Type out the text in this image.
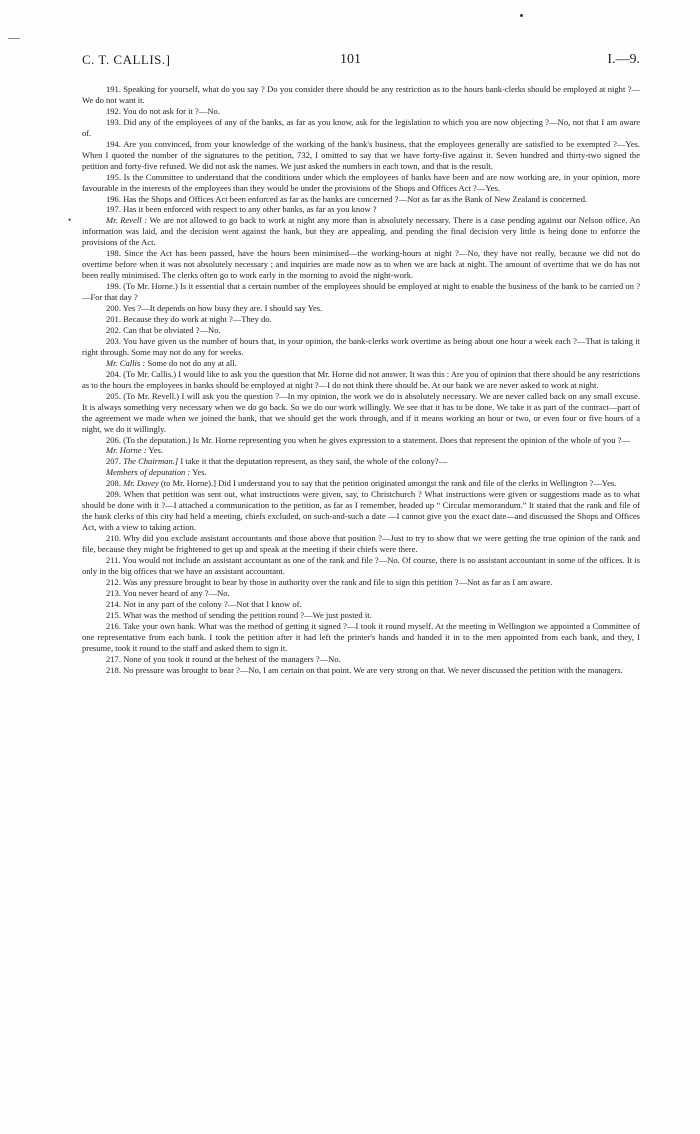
•
C. T. CALLIS.]	101	I.—9.

191. Speaking for yourself, what do you say ? Do you consider there should be any restriction as to the hours bank-clerks should be employed at night ?—We do not want it.

192. You do not ask for it ?—No.

193. Did any of the employees of any of the banks, as far as you know, ask for the legislation to which you are now objecting ?—No, not that I am aware of.

194. Are you convinced, from your knowledge of the working of the bank's business, that the employees generally are satisfied to be exempted ?—Yes. When I quoted the number of the signatures to the petition, 732, I omitted to say that we have forty-five against it. Seven hundred and thirty-two signed the petition and forty-five refused. We did not ask the names. We just asked the numbers in each town, and that is the result.

195. Is the Committee to understand that the conditions under which the employees of banks have been and are now working are, in your opinion, more favourable in the interests of the employees than they would be under the provisions of the Shops and Offices Act ?—Yes.

196. Has the Shops and Offices Act been enforced as far as the banks are concerned ?—Not as far as the Bank of New Zealand is concerned.

197. Has it been enforced with respect to any other banks, as far as you know ?

Mr. Revell : We are not allowed to go back to work at night any more than is absolutely necessary. There is a case pending against our Nelson office. An information was laid, and the decision went against the bank, but they are appealing, and pending the final decision very little is being done to enforce the provisions of the Act.

198. Since the Act has been passed, have the hours been minimised—the working-hours at night ?—No, they have not really, because we did not do overtime before when it was not absolutely necessary ; and inquiries are made now as to when we are back at night. The amount of overtime that we do has not been really minimised. The clerks often go to work early in the morning to avoid the night-work.

199. (To Mr. Horne.) Is it essential that a certain number of the employees should be employed at night to enable the business of the bank to be carried on ?—For that day ?

200. Yes ?—It depends on how busy they are. I should say Yes.

201. Because they do work at night ?—They do.

202. Can that be obviated ?—No.

203. You have given us the number of hours that, in your opinion, the bank-clerks work overtime as being about one hour a week each ?—That is taking it right through. Some may not do any for weeks.

Mr. Callis : Some do not do any at all.

204. (To Mr. Callis.) I would like to ask you the question that Mr. Horne did not answer. It was this : Are you of opinion that there should be any restrictions as to the hours the employees in banks should be employed at night ?—I do not think there should be. At our bank we are never asked to work at night.

205. (To Mr. Revell.) I will ask you the question ?—In my opinion, the work we do is absolutely necessary. We are never called back on any small excuse. It is always something very necessary when we do go back. So we do our work willingly. We see that it has to be done. We take it as part of the contract—part of the agreement we made when we joined the bank, that we should get the work through, and if it means working an hour or two, or even four or five hours of a night, we do it willingly.

206. (To the deputation.) Is Mr. Horne representing you when he gives expression to a statement. Does that represent the opinion of the whole of you ?—

Mr. Horne : Yes.

207. The Chairman.] I take it that the deputation represent, as they said, the whole of the colony?—

Members of deputation : Yes.

208. Mr. Davey (to Mr. Horne).] Did I understand you to say that the petition originated amongst the rank and file of the clerks in Wellington ?—Yes.

209. When that petition was sent out, what instructions were given, say, to Christchurch ? What instructions were given or suggestions made as to what should be done with it ?—I attached a communication to the petition, as far as I remember, headed up “ Circular memorandum.” It stated that the rank and file of the bank clerks of this city had held a meeting, chiefs excluded, on such-and-such a date —I cannot give you the exact date—and discussed the Shops and Offices Act, with a view to taking action.

210. Why did you exclude assistant accountants and those above that position ?—Just to try to show that we were getting the true opinion of the rank and file, because they might be frightened to get up and speak at the meeting if their chiefs were there.

211. You would not include an assistant accountant as one of the rank and file ?—No. Of course, there is no assistant accountant in some of the offices. It is only in the big offices that we have an assistant accountant.

212. Was any pressure brought to bear by those in authority over the rank and file to sign this petition ?—Not as far as I am aware.

213. You never heard of any ?—No.

214. Not in any part of the colony ?—Not that I know of.

215. What was the method of sending the petition round ?—We just posted it.

216. Take your own bank. What was the method of getting it signed ?—I took it round myself. At the meeting in Wellington we appointed a Committee of one representative from each bank. I took the petition after it had left the printer's hands and handed it in to the men appointed from each bank, and they, I presume, took it round to the staff and asked them to sign it.

217. None of you took it round at the behest of the managers ?—No.

218. No pressure was brought to bear ?—No, I am certain on that point. We are very strong on that. We never discussed the petition with the managers.
